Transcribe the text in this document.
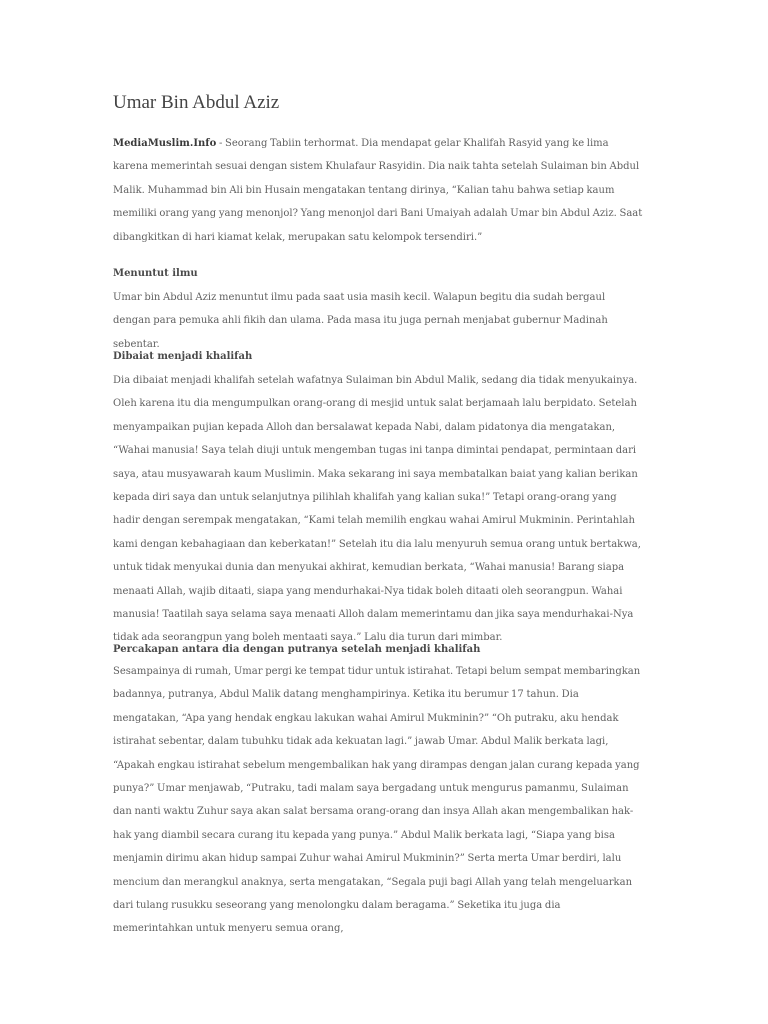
Umar Bin Abdul Aziz

MediaMuslim.Info - Seorang Tabiin terhormat. Dia mendapat gelar Khalifah Rasyid yang ke lima karena memerintah sesuai dengan sistem Khulafaur Rasyidin. Dia naik tahta setelah Sulaiman bin Abdul Malik. Muhammad bin Ali bin Husain mengatakan tentang dirinya, “Kalian tahu bahwa setiap kaum memiliki orang yang yang menonjol? Yang menonjol dari Bani Umaiyah adalah Umar bin Abdul Aziz. Saat dibangkitkan di hari kiamat kelak, merupakan satu kelompok tersendiri.”

Menuntut ilmu

Umar bin Abdul Aziz menuntut ilmu pada saat usia masih kecil. Walapun begitu dia sudah bergaul dengan para pemuka ahli fikih dan ulama. Pada masa itu juga pernah menjabat gubernur Madinah sebentar.

Dibaiat menjadi khalifah

Dia dibaiat menjadi khalifah setelah wafatnya Sulaiman bin Abdul Malik, sedang dia tidak menyukainya. Oleh karena itu dia mengumpulkan orang-orang di mesjid untuk salat berjamaah lalu berpidato. Setelah menyampaikan pujian kepada Alloh dan bersalawat kepada Nabi, dalam pidatonya dia mengatakan, “Wahai manusia! Saya telah diuji untuk mengemban tugas ini tanpa dimintai pendapat, permintaan dari saya, atau musyawarah kaum Muslimin. Maka sekarang ini saya membatalkan baiat yang kalian berikan kepada diri saya dan untuk selanjutnya pilihlah khalifah yang kalian suka!” Tetapi orang-orang yang hadir dengan serempak mengatakan, “Kami telah memilih engkau wahai Amirul Mukminin. Perintahlah kami dengan kebahagiaan dan keberkatan!” Setelah itu dia lalu menyuruh semua orang untuk bertakwa, untuk tidak menyukai dunia dan menyukai akhirat, kemudian berkata, “Wahai manusia! Barang siapa menaati Allah, wajib ditaati, siapa yang mendurhakai-Nya tidak boleh ditaati oleh seorangpun. Wahai manusia! Taatilah saya selama saya menaati Alloh dalam memerintamu dan jika saya mendurhakai-Nya tidak ada seorangpun yang boleh mentaati saya.” Lalu dia turun dari mimbar.

Percakapan antara dia dengan putranya setelah menjadi khalifah

Sesampainya di rumah, Umar pergi ke tempat tidur untuk istirahat. Tetapi belum sempat membaringkan badannya, putranya, Abdul Malik datang menghampirinya. Ketika itu berumur 17 tahun. Dia mengatakan, “Apa yang hendak engkau lakukan wahai Amirul Mukminin?” “Oh putraku, aku hendak istirahat sebentar, dalam tubuhku tidak ada kekuatan lagi.” jawab Umar. Abdul Malik berkata lagi, “Apakah engkau istirahat sebelum mengembalikan hak yang dirampas dengan jalan curang kepada yang punya?” Umar menjawab, “Putraku, tadi malam saya bergadang untuk mengurus pamanmu, Sulaiman dan nanti waktu Zuhur saya akan salat bersama orang-orang dan insya Allah akan mengembalikan hak-hak yang diambil secara curang itu kepada yang punya.” Abdul Malik berkata lagi, “Siapa yang bisa menjamin dirimu akan hidup sampai Zuhur wahai Amirul Mukminin?” Serta merta Umar berdiri, lalu mencium dan merangkul anaknya, serta mengatakan, “Segala puji bagi Allah yang telah mengeluarkan dari tulang rusukku seseorang yang menolongku dalam beragama.” Seketika itu juga dia memerintahkan untuk menyeru semua orang,
